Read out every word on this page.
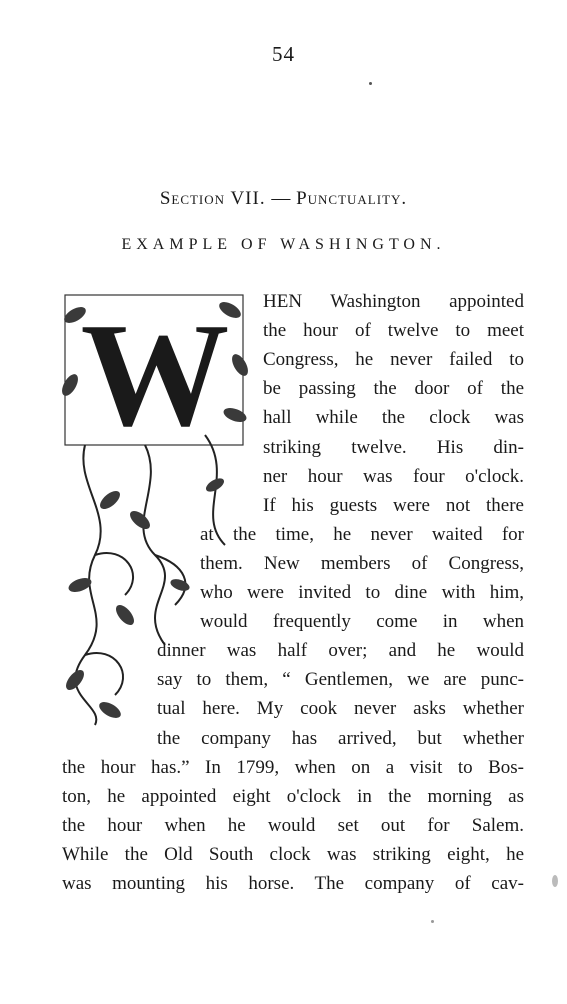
54
Section VII. — Punctuality.
EXAMPLE OF WASHINGTON.
W HEN Washington appointed
the hour of twelve to meet
Congress, he never failed to
be passing the door of the
hall while the clock was
striking twelve. His din-
ner hour was four o'clock.
If his guests were not there
at the time, he never waited for
them. New members of Congress,
who were invited to dine with him,
would frequently come in when
dinner was half over; and he would
say to them, “ Gentlemen, we are punc-
tual here. My cook never asks whether
the company has arrived, but whether
the hour has.” In 1799, when on a visit to Bos-
ton, he appointed eight o'clock in the morning as
the hour when he would set out for Salem.
While the Old South clock was striking eight, he
was mounting his horse. The company of cav-
